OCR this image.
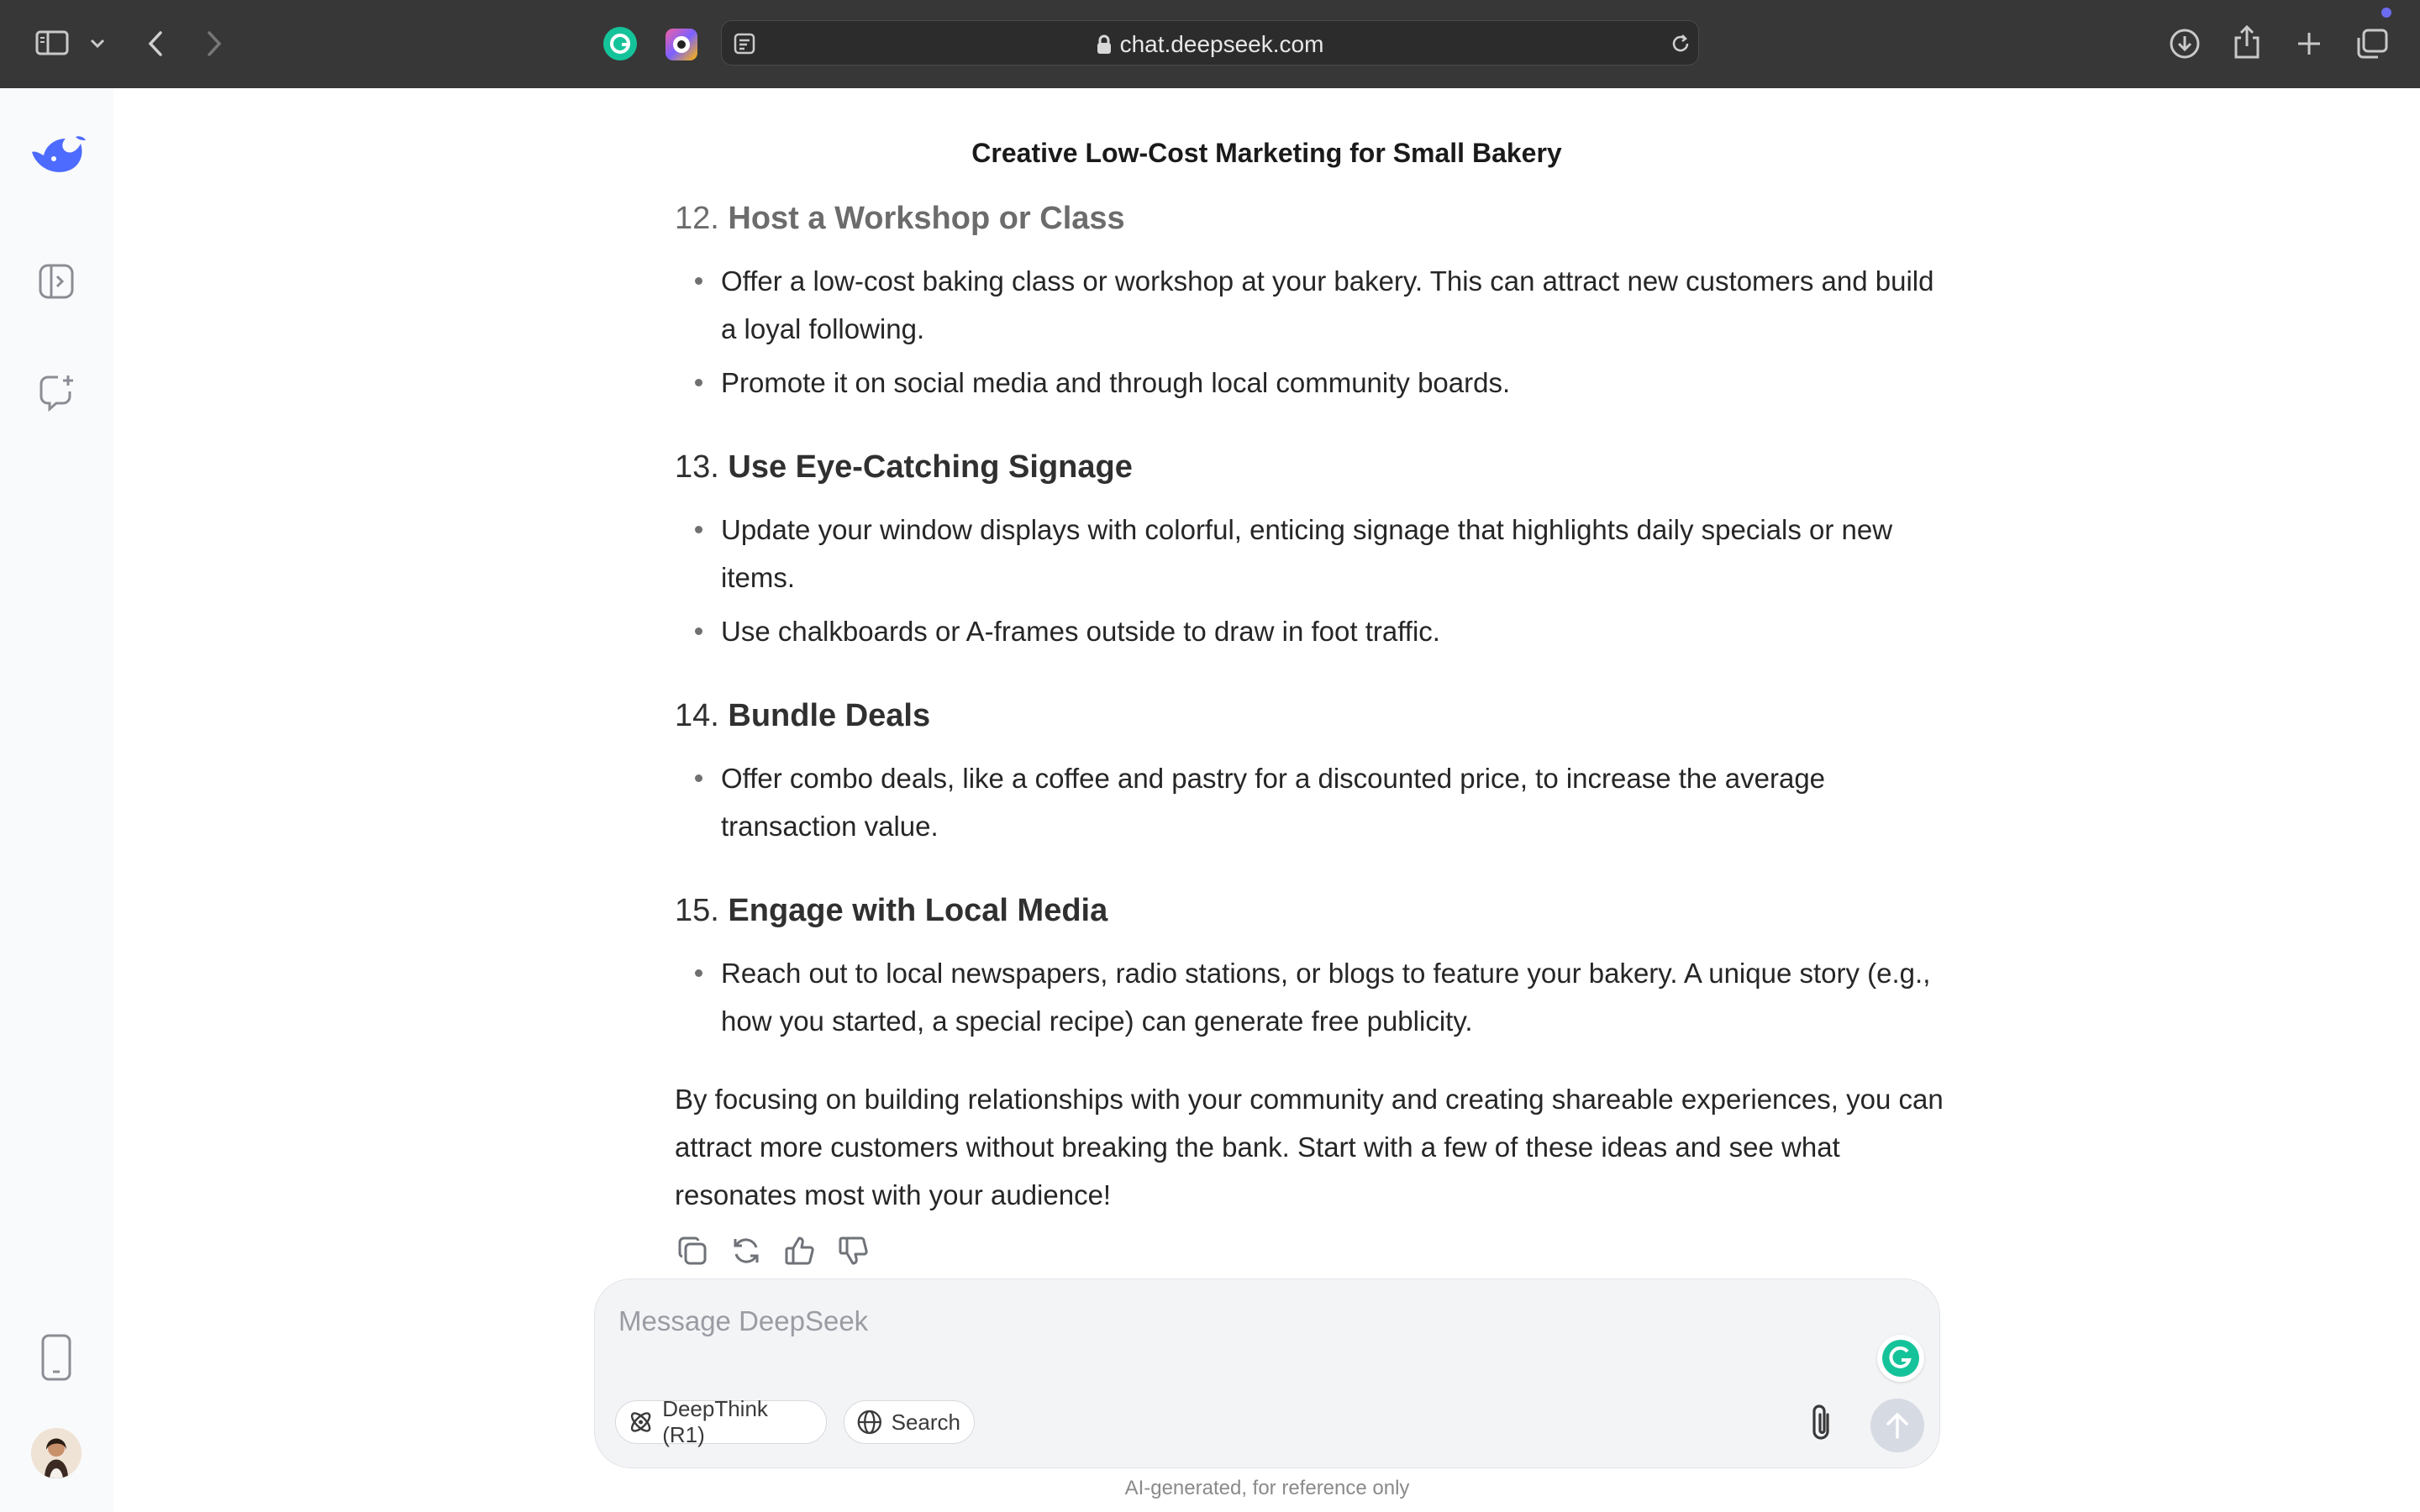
chat.deepseek.com
Creative Low-Cost Marketing for Small Bakery
12. Host a Workshop or Class
Offer a low-cost baking class or workshop at your bakery. This can attract new customers and build a loyal following.
Promote it on social media and through local community boards.
13. Use Eye-Catching Signage
Update your window displays with colorful, enticing signage that highlights daily specials or new items.
Use chalkboards or A-frames outside to draw in foot traffic.
14. Bundle Deals
Offer combo deals, like a coffee and pastry for a discounted price, to increase the average transaction value.
15. Engage with Local Media
Reach out to local newspapers, radio stations, or blogs to feature your bakery. A unique story (e.g., how you started, a special recipe) can generate free publicity.

By focusing on building relationships with your community and creating shareable experiences, you can attract more customers without breaking the bank. Start with a few of these ideas and see what resonates most with your audience!

Message DeepSeek
DeepThink (R1)
Search
AI-generated, for reference only
